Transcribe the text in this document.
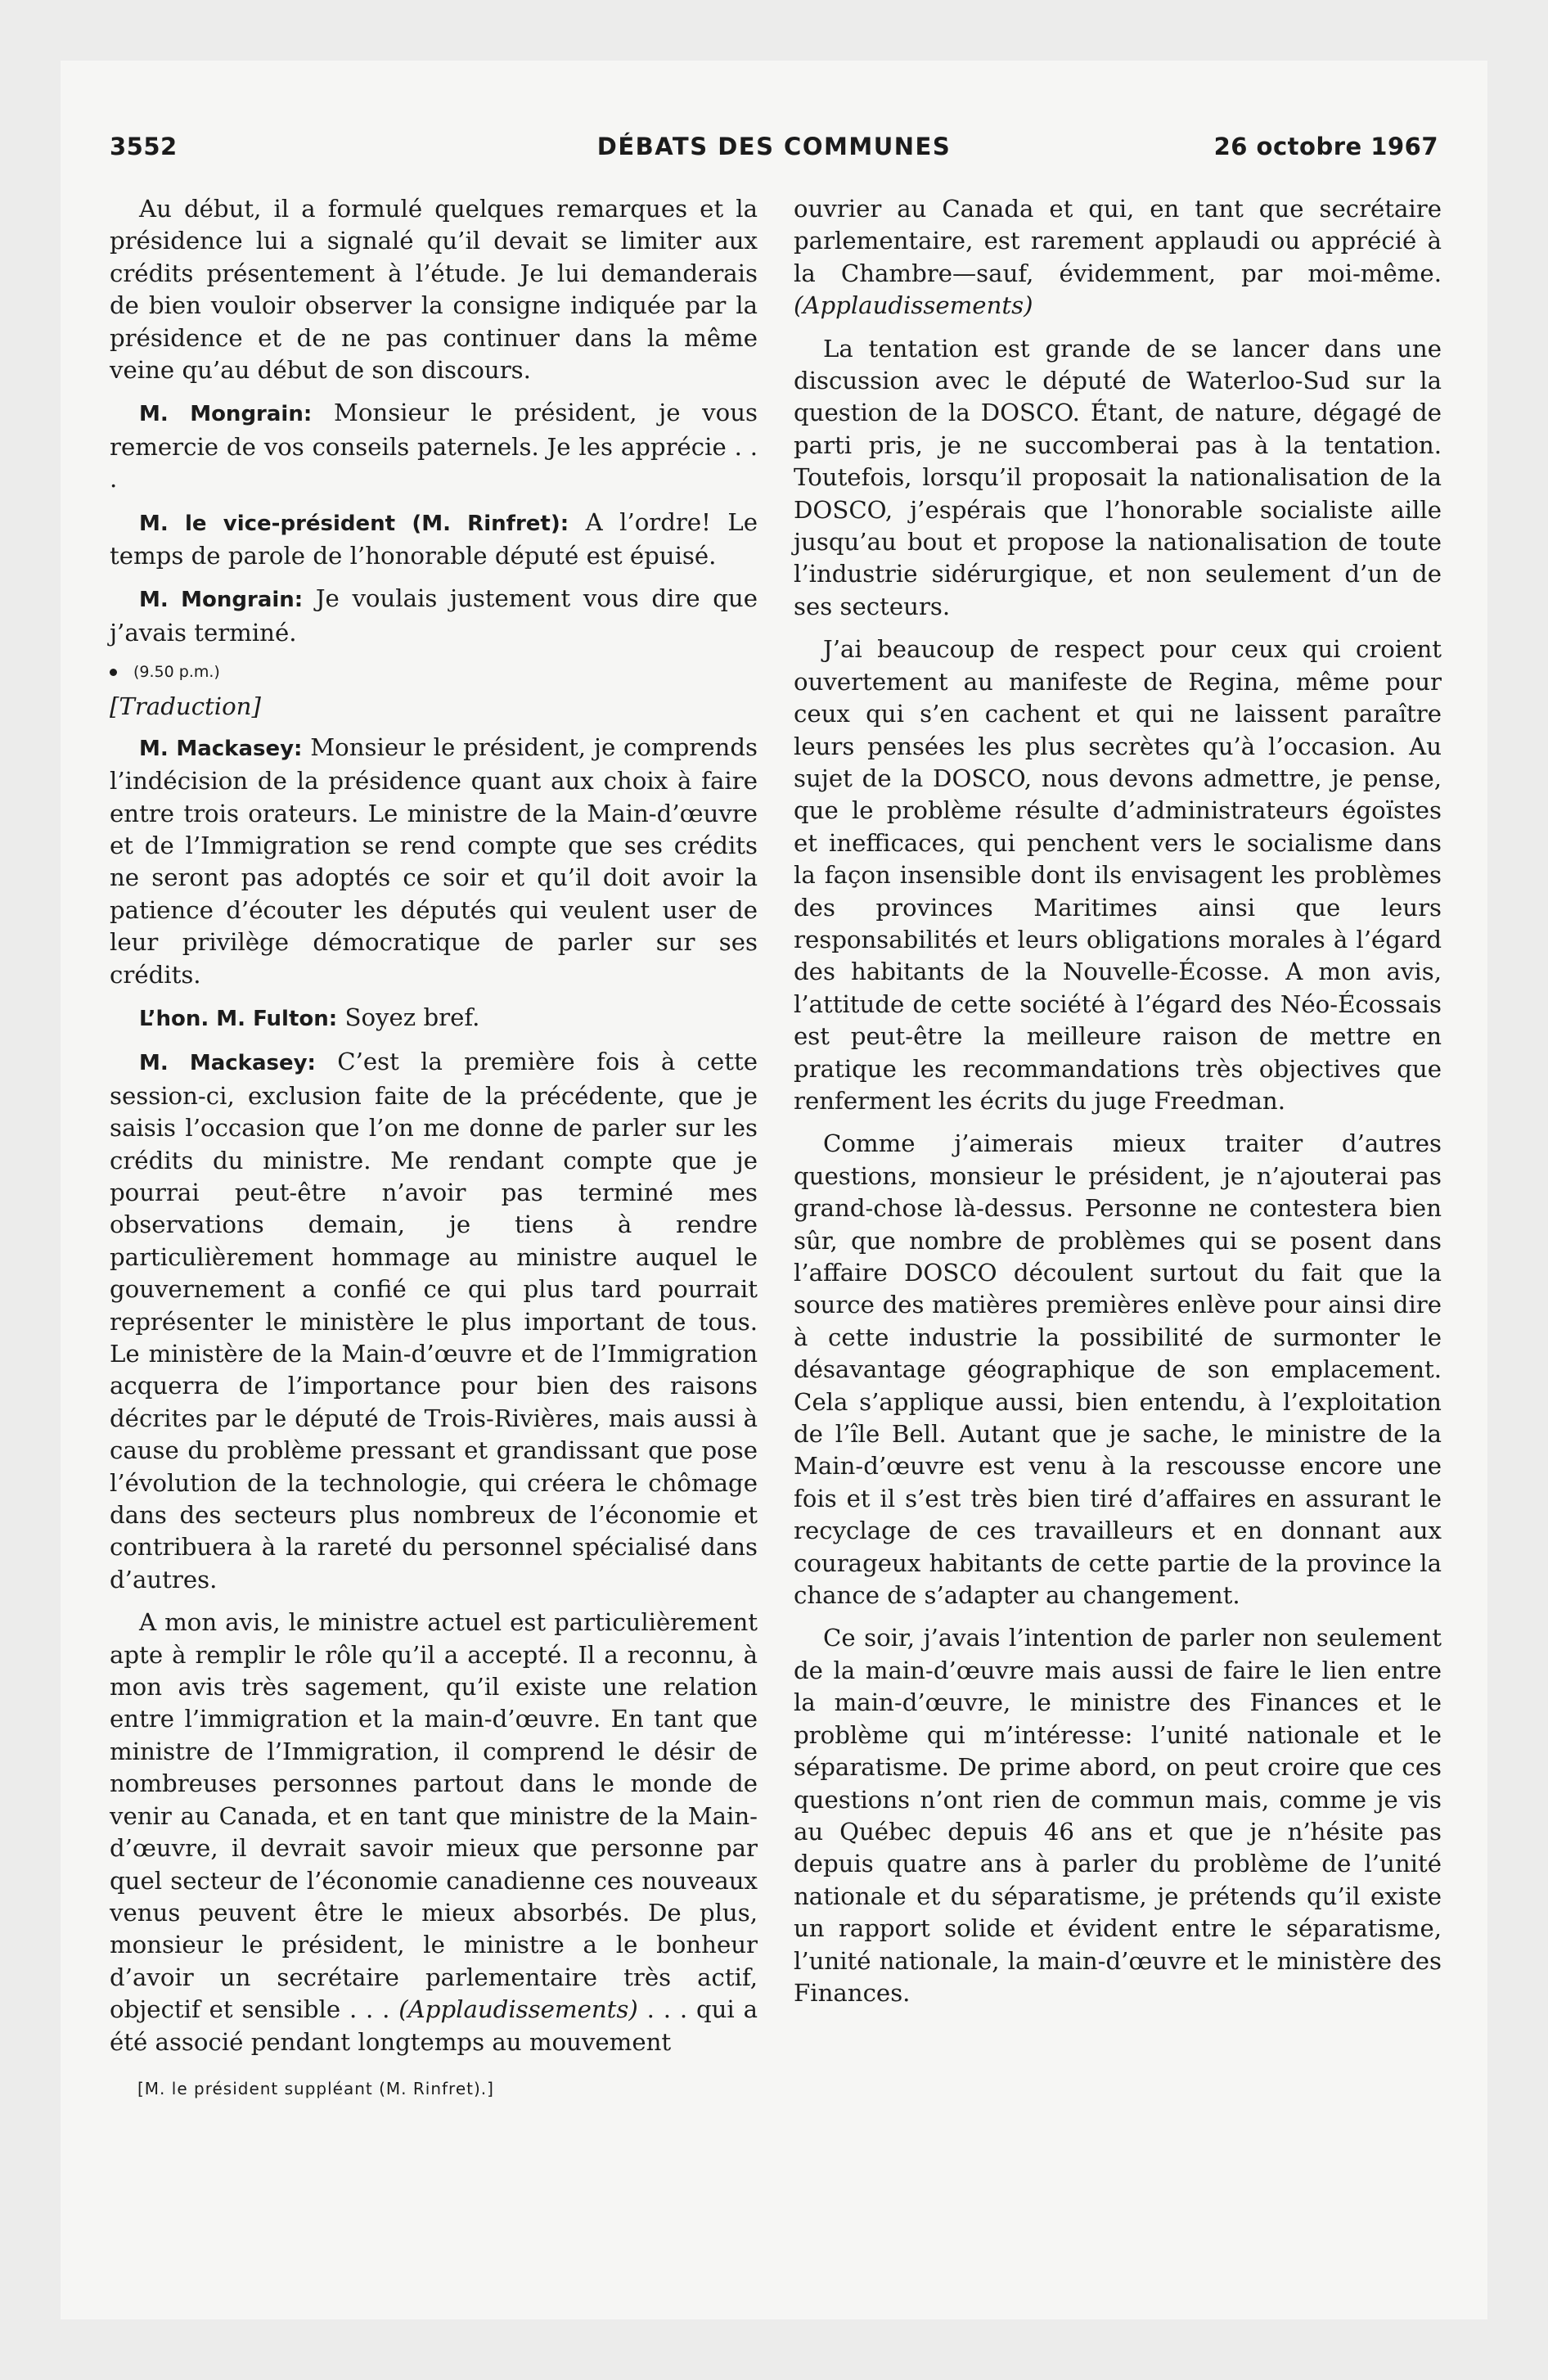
3552	DÉBATS DES COMMUNES	26 octobre 1967

Au début, il a formulé quelques remarques et la présidence lui a signalé qu’il devait se limiter aux crédits présentement à l’étude. Je lui demanderais de bien vouloir observer la consigne indiquée par la présidence et de ne pas continuer dans la même veine qu’au début de son discours.

M. Mongrain: Monsieur le président, je vous remercie de vos conseils paternels. Je les apprécie . . .

M. le vice-président (M. Rinfret): A l’ordre! Le temps de parole de l’honorable député est épuisé.

M. Mongrain: Je voulais justement vous dire que j’avais terminé.

(9.50 p.m.)
[Traduction]

M. Mackasey: Monsieur le président, je comprends l’indécision de la présidence quant aux choix à faire entre trois orateurs. Le ministre de la Main-d’œuvre et de l’Immigration se rend compte que ses crédits ne seront pas adoptés ce soir et qu’il doit avoir la patience d’écouter les députés qui veulent user de leur privilège démocratique de parler sur ses crédits.

L’hon. M. Fulton: Soyez bref.

M. Mackasey: C’est la première fois à cette session-ci, exclusion faite de la précédente, que je saisis l’occasion que l’on me donne de parler sur les crédits du ministre. Me rendant compte que je pourrai peut-être n’avoir pas terminé mes observations demain, je tiens à rendre particulièrement hommage au ministre auquel le gouvernement a confié ce qui plus tard pourrait représenter le ministère le plus important de tous. Le ministère de la Main-d’œuvre et de l’Immigration acquerra de l’importance pour bien des raisons décrites par le député de Trois-Rivières, mais aussi à cause du problème pressant et grandissant que pose l’évolution de la technologie, qui créera le chômage dans des secteurs plus nombreux de l’économie et contribuera à la rareté du personnel spécialisé dans d’autres.

A mon avis, le ministre actuel est particulièrement apte à remplir le rôle qu’il a accepté. Il a reconnu, à mon avis très sagement, qu’il existe une relation entre l’immigration et la main-d’œuvre. En tant que ministre de l’Immigration, il comprend le désir de nombreuses personnes partout dans le monde de venir au Canada, et en tant que ministre de la Main-d’œuvre, il devrait savoir mieux que personne par quel secteur de l’économie canadienne ces nouveaux venus peuvent être le mieux absorbés. De plus, monsieur le président, le ministre a le bonheur d’avoir un secrétaire parlementaire très actif, objectif et sensible . . . (Applaudissements) . . . qui a été associé pendant longtemps au mouvement

[M. le président suppléant (M. Rinfret).]

ouvrier au Canada et qui, en tant que secrétaire parlementaire, est rarement applaudi ou apprécié à la Chambre—sauf, évidemment, par moi-même. (Applaudissements)

La tentation est grande de se lancer dans une discussion avec le député de Waterloo-Sud sur la question de la DOSCO. Étant, de nature, dégagé de parti pris, je ne succomberai pas à la tentation. Toutefois, lorsqu’il proposait la nationalisation de la DOSCO, j’espérais que l’honorable socialiste aille jusqu’au bout et propose la nationalisation de toute l’industrie sidérurgique, et non seulement d’un de ses secteurs.

J’ai beaucoup de respect pour ceux qui croient ouvertement au manifeste de Regina, même pour ceux qui s’en cachent et qui ne laissent paraître leurs pensées les plus secrètes qu’à l’occasion. Au sujet de la DOSCO, nous devons admettre, je pense, que le problème résulte d’administrateurs égoïstes et inefficaces, qui penchent vers le socialisme dans la façon insensible dont ils envisagent les problèmes des provinces Maritimes ainsi que leurs responsabilités et leurs obligations morales à l’égard des habitants de la Nouvelle-Écosse. A mon avis, l’attitude de cette société à l’égard des Néo-Écossais est peut-être la meilleure raison de mettre en pratique les recommandations très objectives que renferment les écrits du juge Freedman.

Comme j’aimerais mieux traiter d’autres questions, monsieur le président, je n’ajouterai pas grand-chose là-dessus. Personne ne contestera bien sûr, que nombre de problèmes qui se posent dans l’affaire DOSCO découlent surtout du fait que la source des matières premières enlève pour ainsi dire à cette industrie la possibilité de surmonter le désavantage géographique de son emplacement. Cela s’applique aussi, bien entendu, à l’exploitation de l’île Bell. Autant que je sache, le ministre de la Main-d’œuvre est venu à la rescousse encore une fois et il s’est très bien tiré d’affaires en assurant le recyclage de ces travailleurs et en donnant aux courageux habitants de cette partie de la province la chance de s’adapter au changement.

Ce soir, j’avais l’intention de parler non seulement de la main-d’œuvre mais aussi de faire le lien entre la main-d’œuvre, le ministre des Finances et le problème qui m’intéresse: l’unité nationale et le séparatisme. De prime abord, on peut croire que ces questions n’ont rien de commun mais, comme je vis au Québec depuis 46 ans et que je n’hésite pas depuis quatre ans à parler du problème de l’unité nationale et du séparatisme, je prétends qu’il existe un rapport solide et évident entre le séparatisme, l’unité nationale, la main-d’œuvre et le ministère des Finances.
